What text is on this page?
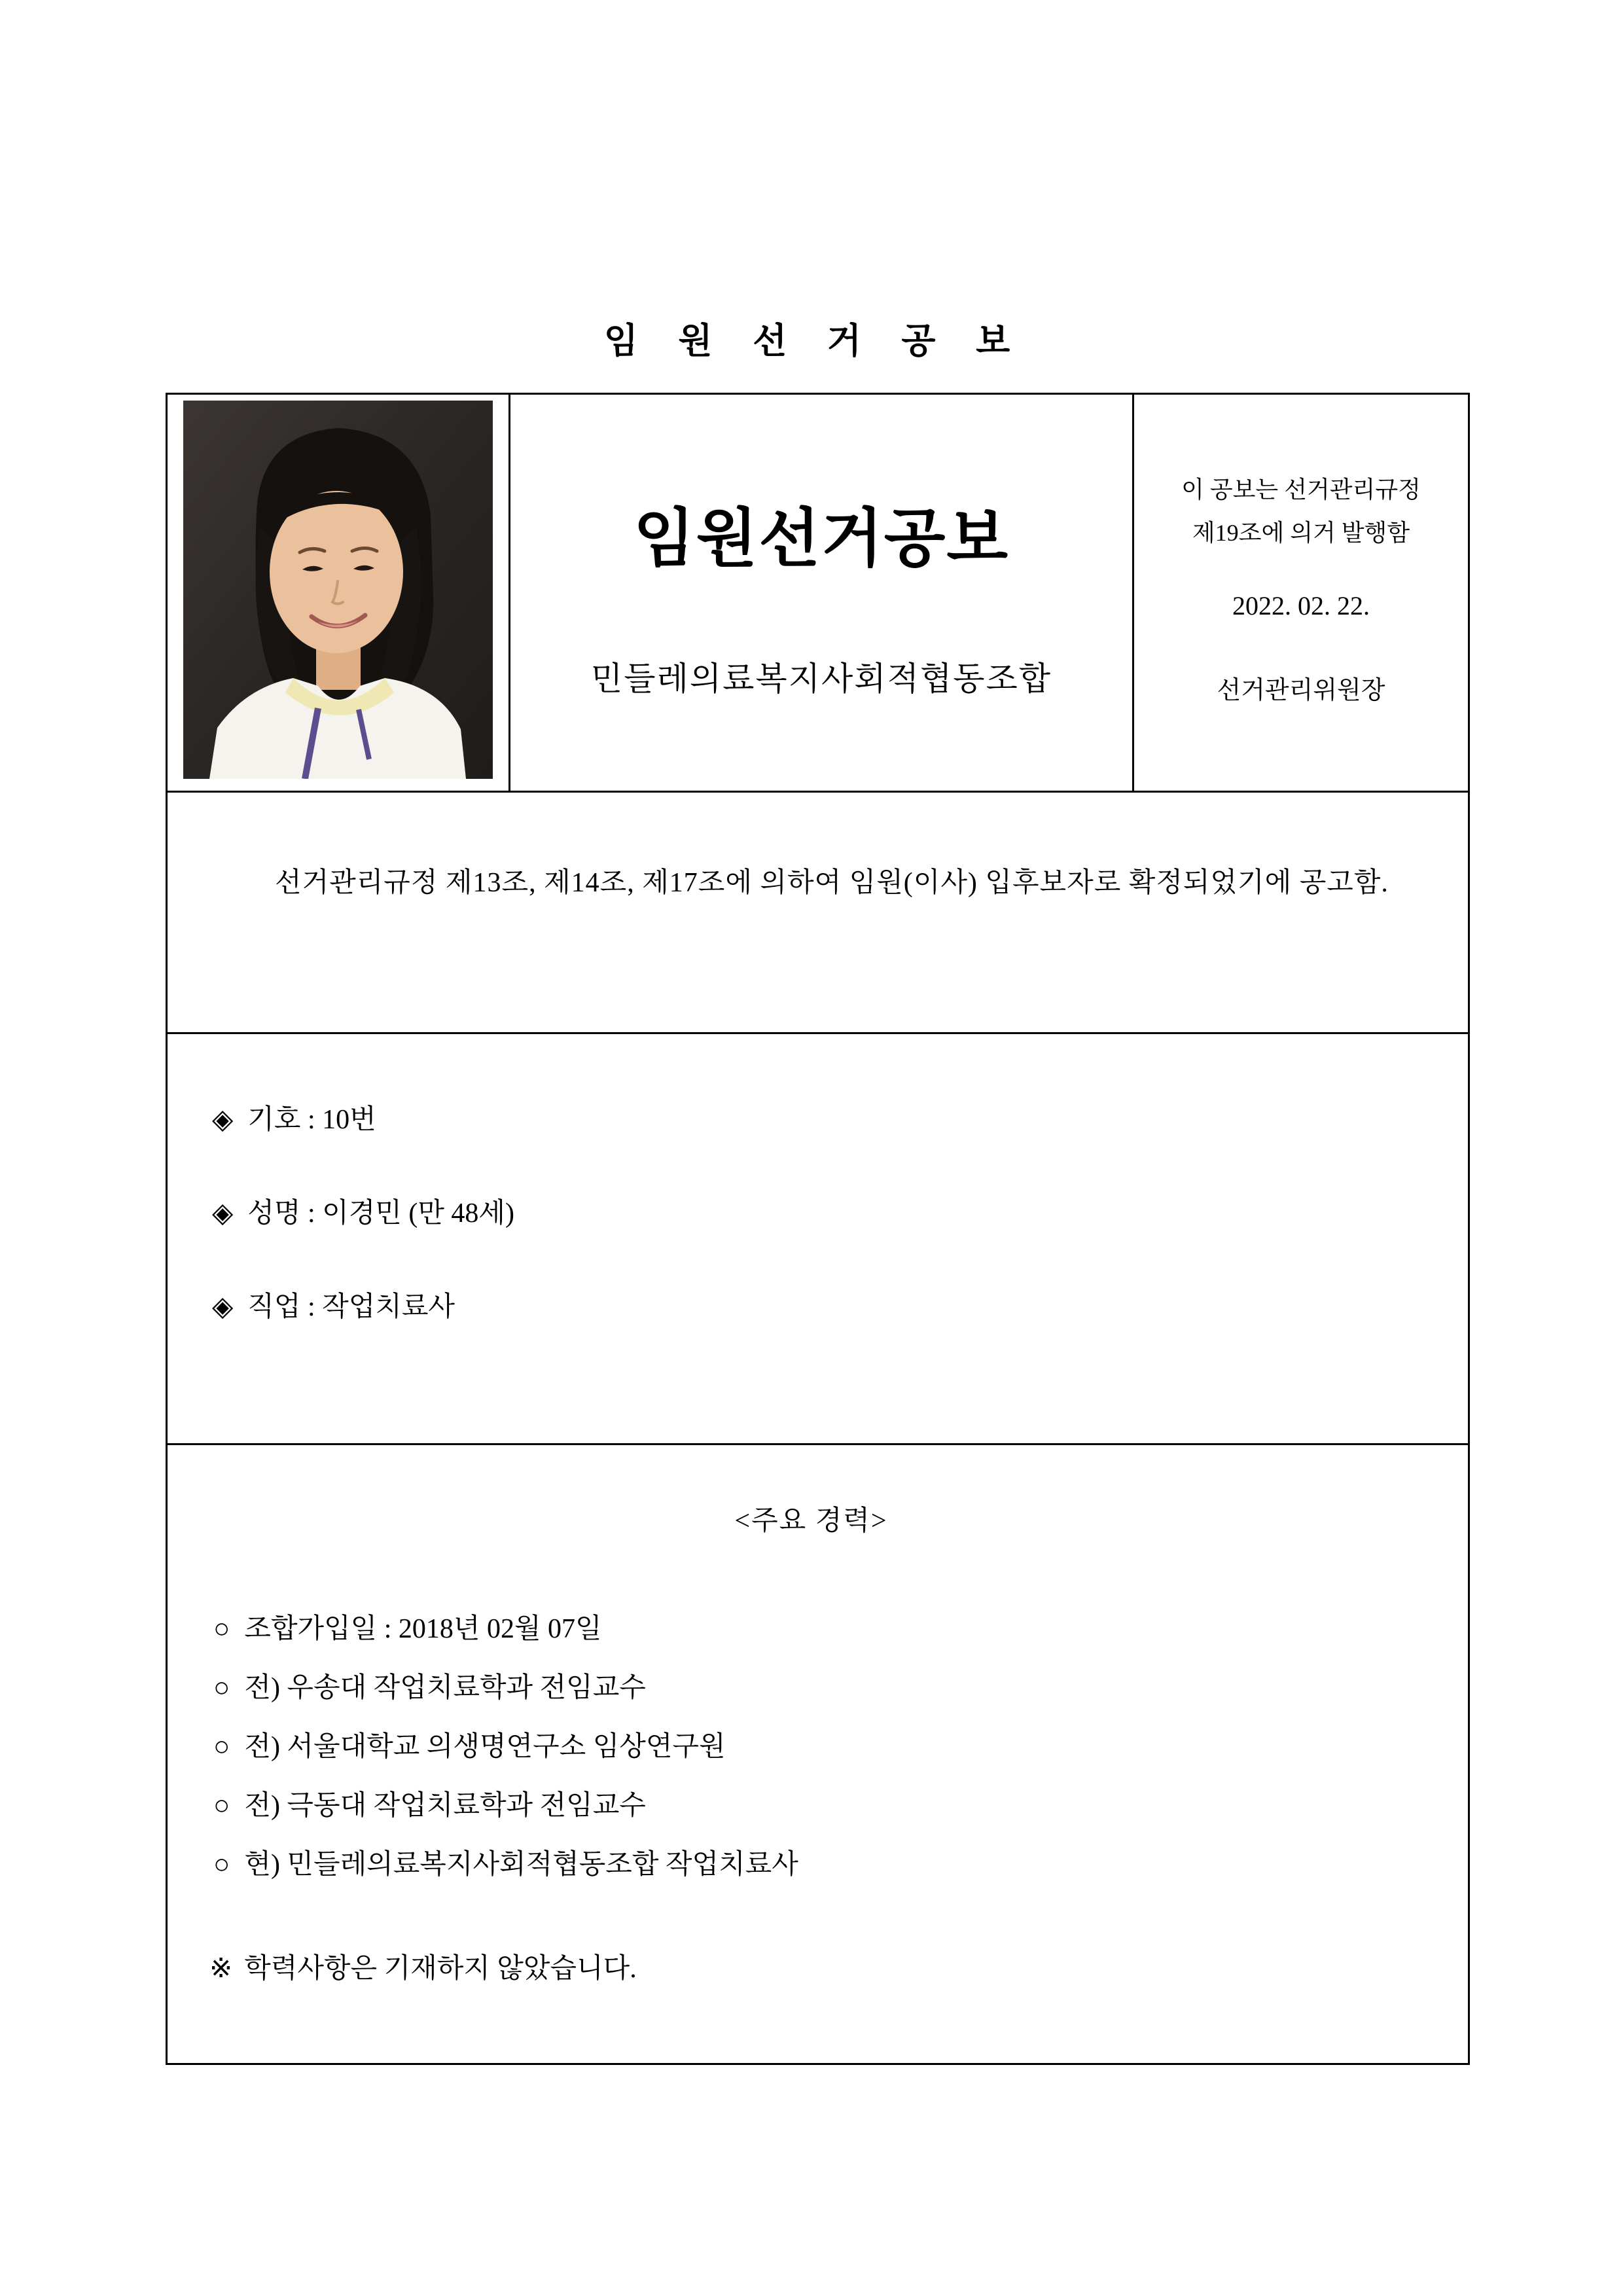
임 원 선 거 공 보

임원선거공보
민들레의료복지사회적협동조합

이 공보는 선거관리규정
제19조에 의거 발행함
2022. 02. 22.
선거관리위원장

선거관리규정 제13조, 제14조, 제17조에 의하여 임원(이사) 입후보자로 확정되었기에 공고함.

◈ 기호 : 10번
◈ 성명 : 이경민 (만 48세)
◈ 직업 : 작업치료사

<주요 경력>
○ 조합가입일 : 2018년 02월 07일
○ 전) 우송대 작업치료학과 전임교수
○ 전) 서울대학교 의생명연구소 임상연구원
○ 전) 극동대 작업치료학과 전임교수
○ 현) 민들레의료복지사회적협동조합 작업치료사
※ 학력사항은 기재하지 않았습니다.
